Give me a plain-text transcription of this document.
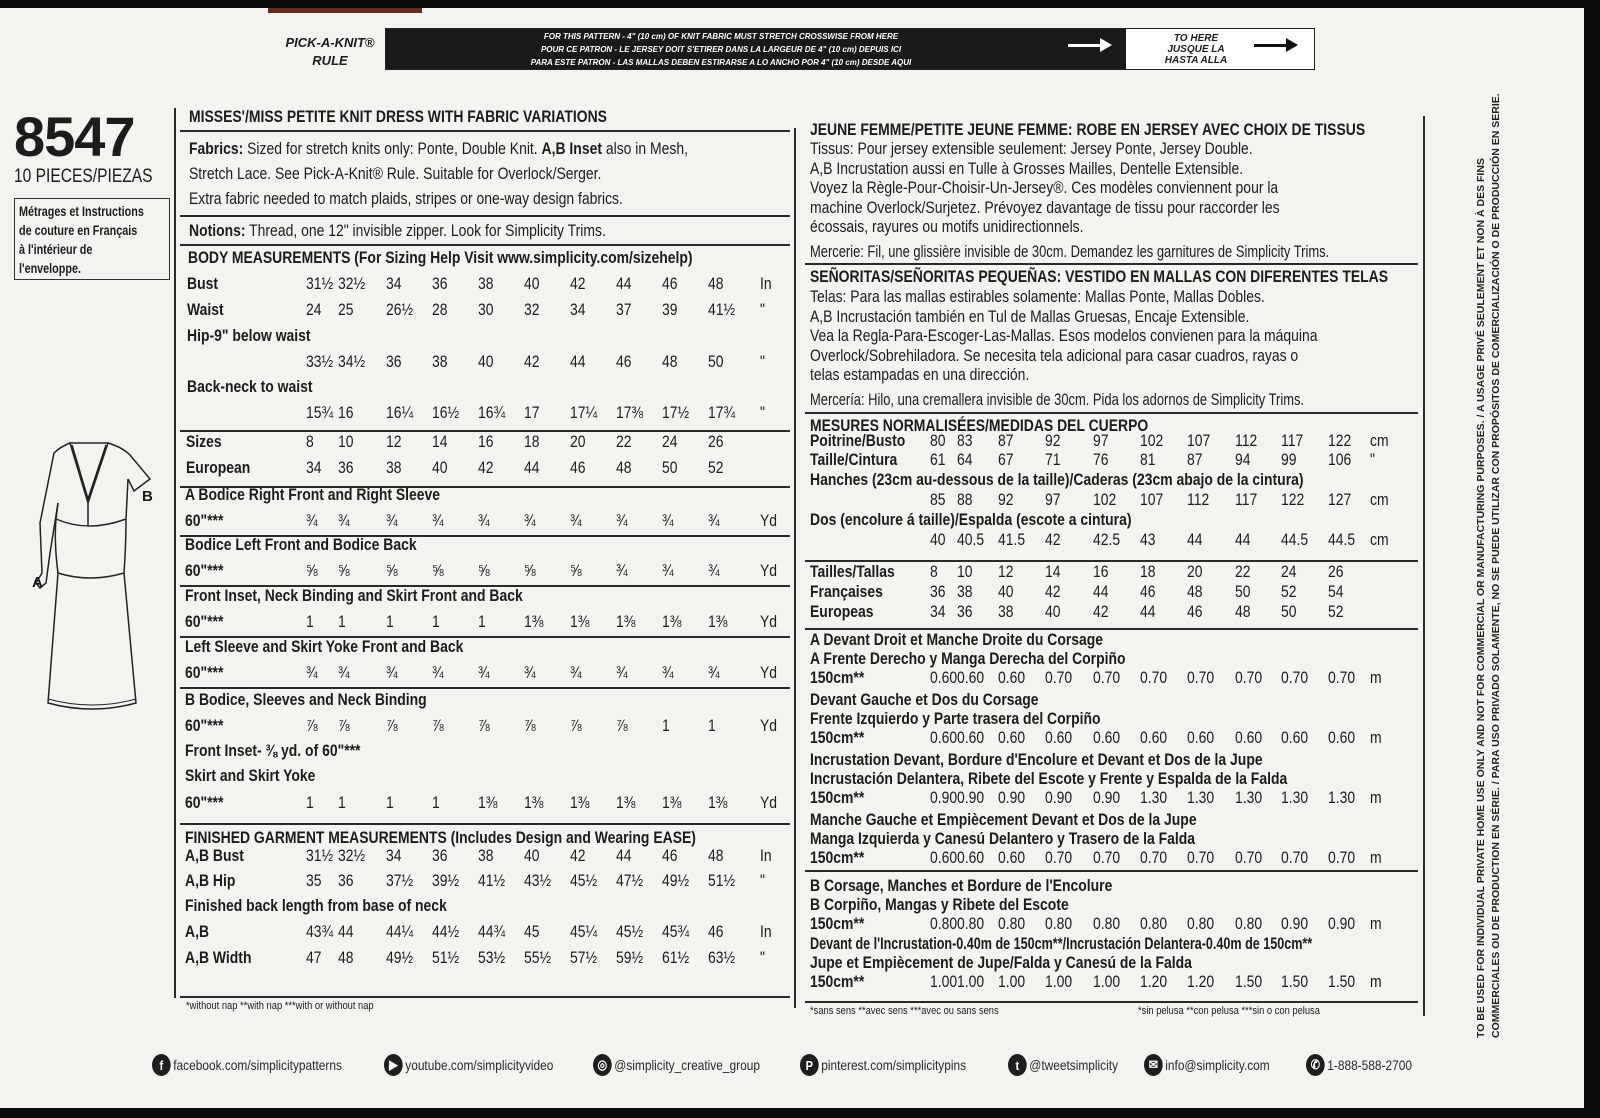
PICK-A-KNIT®
RULE
FOR THIS PATTERN - 4" (10 cm) OF KNIT FABRIC MUST STRETCH CROSSWISE FROM HERE
POUR CE PATRON - LE JERSEY DOIT S'ETIRER DANS LA LARGEUR DE 4" (10 cm) DEPUIS ICI
PARA ESTE PATRON - LAS MALLAS DEBEN ESTIRARSE A LO ANCHO POR 4" (10 cm) DESDE AQUI
TO HERE
JUSQUE LA
HASTA ALLA
8547
10 PIECES/PIEZAS
Métrages et Instructions
de couture en Français
à l'intérieur de
l'enveloppe.
B
A
MISSES'/MISS PETITE KNIT DRESS WITH FABRIC VARIATIONS
Fabrics: Sized for stretch knits only: Ponte, Double Knit. A,B Inset also in Mesh,
Stretch Lace. See Pick-A-Knit® Rule. Suitable for Overlock/Serger.
Extra fabric needed to match plaids, stripes or one-way design fabrics.
Notions: Thread, one 12" invisible zipper. Look for Simplicity Trims.
BODY MEASUREMENTS (For Sizing Help Visit www.simplicity.com/sizehelp)
Bust	31½ 32½ 34 36 38 40 42 44 46 48 In
Waist	24 25 26½ 28 30 32 34 37 39 41½ "
Hip-9" below waist
33½ 34½ 36 38 40 42 44 46 48 50 "
Back-neck to waist
15¾ 16 16¼ 16½ 16¾ 17 17¼ 17⅜ 17½ 17¾ "
Sizes	8 10 12 14 16 18 20 22 24 26
European	34 36 38 40 42 44 46 48 50 52
A Bodice Right Front and Right Sleeve
60"***	¾ ¾ ¾ ¾ ¾ ¾ ¾ ¾ ¾ ¾ Yd
Bodice Left Front and Bodice Back
60"***	⅝ ⅝ ⅝ ⅝ ⅝ ⅝ ⅝ ¾ ¾ ¾ Yd
Front Inset, Neck Binding and Skirt Front and Back
60"***	1 1 1 1 1 1⅜ 1⅜ 1⅜ 1⅜ 1⅜ Yd
Left Sleeve and Skirt Yoke Front and Back
60"***	¾ ¾ ¾ ¾ ¾ ¾ ¾ ¾ ¾ ¾ Yd
B Bodice, Sleeves and Neck Binding
60"***	⅞ ⅞ ⅞ ⅞ ⅞ ⅞ ⅞ ⅞ 1 1	Yd
Front Inset- ⅜ yd. of 60"***
Skirt and Skirt Yoke
60"***	1 1 1 1 1⅜ 1⅜ 1⅜ 1⅜ 1⅜ 1⅜ Yd
FINISHED GARMENT MEASUREMENTS (Includes Design and Wearing EASE)
A,B Bust	31½ 32½ 34 36 38 40 42 44 46 48 In
A,B Hip	35 36 37½ 39½ 41½ 43½ 45½ 47½ 49½ 51½ "
Finished back length from base of neck
A,B	43¾ 44 44¼ 44½ 44¾ 45 45¼ 45½ 45¾ 46 In
A,B Width	47 48 49½ 51½ 53½ 55½ 57½ 59½ 61½ 63½ "
*without nap **with nap ***with or without nap
JEUNE FEMME/PETITE JEUNE FEMME: ROBE EN JERSEY AVEC CHOIX DE TISSUS
Tissus: Pour jersey extensible seulement: Jersey Ponte, Jersey Double.
A,B Incrustation aussi en Tulle à Grosses Mailles, Dentelle Extensible.
Voyez la Règle-Pour-Choisir-Un-Jersey®. Ces modèles conviennent pour la
machine Overlock/Surjetez. Prévoyez davantage de tissu pour raccorder les
écossais, rayures ou motifs unidirectionnels.
Mercerie: Fil, une glissière invisible de 30cm. Demandez les garnitures de Simplicity Trims.
SEÑORITAS/SEÑORITAS PEQUEÑAS: VESTIDO EN MALLAS CON DIFERENTES TELAS
Telas: Para las mallas estirables solamente: Mallas Ponte, Mallas Dobles.
A,B Incrustación también en Tul de Mallas Gruesas, Encaje Extensible.
Vea la Regla-Para-Escoger-Las-Mallas. Esos modelos convienen para la máquina
Overlock/Sobrehiladora. Se necesita tela adicional para casar cuadros, rayas o
telas estampadas en una dirección.
Mercería: Hilo, una cremallera invisible de 30cm. Pida los adornos de Simplicity Trims.
MESURES NORMALISÉES/MEDIDAS DEL CUERPO
Poitrine/Busto 80 83 87 92 97 102 107 112 117 122 cm
Taille/Cintura 61 64 67 71 76 81 87 94 99 106 "
Hanches (23cm au-dessous de la taille)/Caderas (23cm abajo de la cintura)
85 88 92 97 102 107 112 117 122 127 cm
Dos (encolure á taille)/Espalda (escote a cintura)
40 40.5 41.5 42 42.5 43 44 44 44.5 44.5 cm
Tailles/Tallas 8 10 12 14 16 18 20 22 24 26
Françaises	36 38 40 42 44 46 48 50 52 54
Europeas	34 36 38 40 42 44 46 48 50 52
A Devant Droit et Manche Droite du Corsage
A Frente Derecho y Manga Derecha del Corpiño
150cm**	0.60 0.60 0.60 0.70 0.70 0.70 0.70 0.70 0.70 0.70 m
Devant Gauche et Dos du Corsage
Frente Izquierdo y Parte trasera del Corpiño
150cm**	0.60 0.60 0.60 0.60 0.60 0.60 0.60 0.60 0.60 0.60 m
Incrustation Devant, Bordure d'Encolure et Devant et Dos de la Jupe
Incrustación Delantera, Ribete del Escote y Frente y Espalda de la Falda
150cm**	0.90 0.90 0.90 0.90 0.90 1.30 1.30 1.30 1.30 1.30 m
Manche Gauche et Empiècement Devant et Dos de la Jupe
Manga Izquierda y Canesú Delantero y Trasero de la Falda
150cm**	0.60 0.60 0.60 0.70 0.70 0.70 0.70 0.70 0.70 0.70 m
B Corsage, Manches et Bordure de l'Encolure
B Corpiño, Mangas y Ribete del Escote
150cm**	0.80 0.80 0.80 0.80 0.80 0.80 0.80 0.80 0.90 0.90 m
Devant de l'Incrustation-0.40m de 150cm**/Incrustación Delantera-0.40m de 150cm**
Jupe et Empiècement de Jupe/Falda y Canesú de la Falda
150cm**	1.00 1.00 1.00 1.00 1.00 1.20 1.20 1.50 1.50 1.50 m
*sans sens **avec sens ***avec ou sans sens	*sin pelusa **con pelusa ***sin o con pelusa	TO BE USED FOR INDIVIDUAL PRIVATE HOME USE ONLY AND NOT FOR COMMERCIAL OR MANUFACTURING PURPOSES. / A USAGE PRIVÉ SEULEMENT ET NON À DES FINS COMMERCIALES OU DE PRODUCTION EN SÉRIE. / PARA USO PRIVADO SOLAMENTE, NO SE PUEDE UTILIZAR CON PROPÓSITOS DE COMERCIALIZACIÓN O DE PRODUCCIÓN EN SERIE.
f facebook.com/simplicitypatterns	▶ youtube.com/simplicityvideo	◎ @simplicity_creative_group	P pinterest.com/simplicitypins	t @tweetsimplicity	✉ info@simplicity.com	✆ 1-888-588-2700
